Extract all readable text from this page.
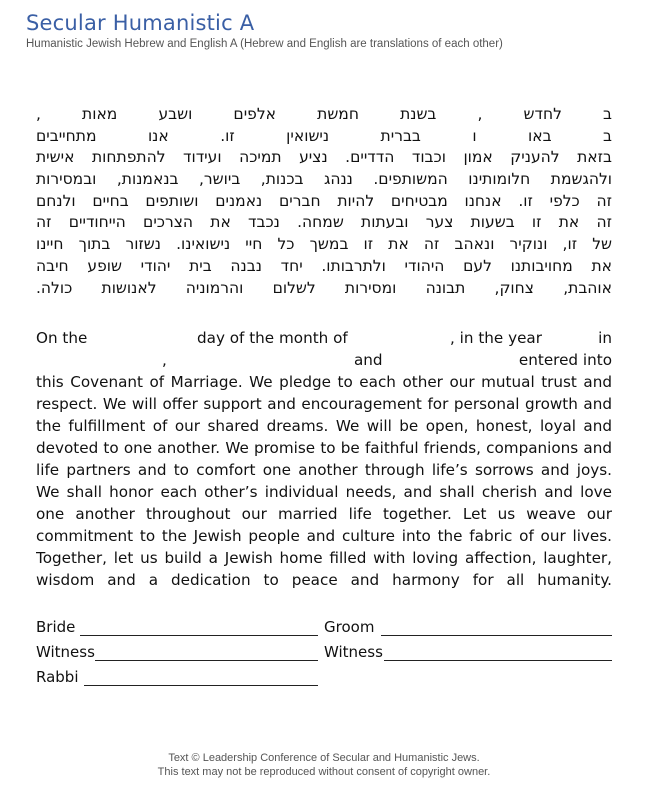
Secular Humanistic A
Humanistic Jewish Hebrew and English A (Hebrew and English are translations of each other)
ב לחדש , בשנת חמשת אלפים ושבע מאות ,
ב באו ו בברית נישואין זו. אנו מתחייבים
בזאת להעניק אמון וכבוד הדדיים. נציע תמיכה ועידוד להתפתחות אישית
ולהגשמת חלומותינו המשותפים. ננהג בכנות, ביושר, בנאמנות, ובמסירות
זה כלפי זו. אנחנו מבטיחים להיות חברים נאמנים ושותפים בחיים ולנחם
זה את זו בשעות צער ובעתות שמחה. נכבד את הצרכים הייחודיים זה
של זו, ונוקיר ונאהב זה את זו במשך כל חיי נישואינו. נשזור בתוך חיינו
את מחויבותנו לעם היהודי ולתרבותו. יחד נבנה בית יהודי שופע חיבה
אוהבת, צחוק, תבונה ומסירות לשלום והרמוניה לאנושות כולה.
On the	day of the month of	, in the year	in
,	and	entered into
this Covenant of Marriage. We pledge to each other our mutual trust and
respect. We will offer support and encouragement for personal growth and
the fulfillment of our shared dreams. We will be open, honest, loyal and
devoted to one another. We promise to be faithful friends, companions and
life partners and to comfort one another through life’s sorrows and joys.
We shall honor each other’s individual needs, and shall cherish and love
one another throughout our married life together. Let us weave our
commitment to the Jewish people and culture into the fabric of our lives.
Together, let us build a Jewish home filled with loving affection, laughter,
wisdom and a dedication to peace and harmony for all humanity.
Bride	Groom
Witness	Witness
Rabbi
Text © Leadership Conference of Secular and Humanistic Jews.
This text may not be reproduced without consent of copyright owner.
